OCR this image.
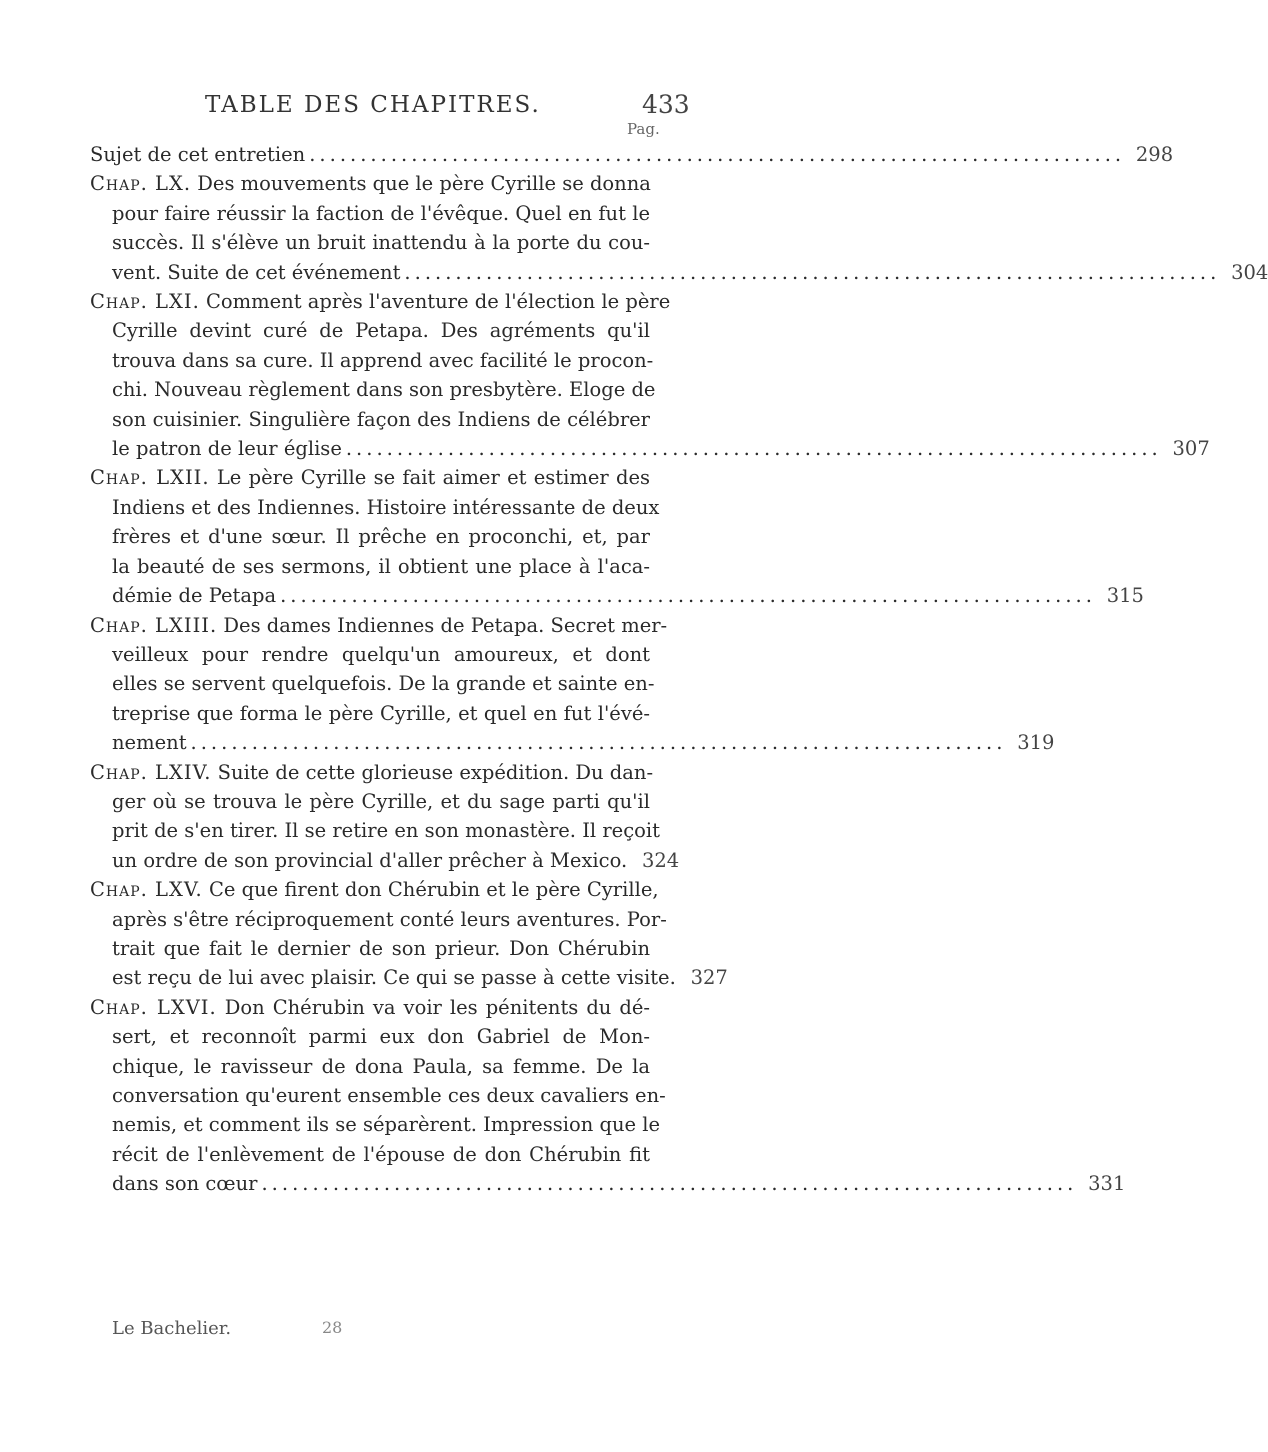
TABLE DES CHAPITRES.	433
Pag.
Sujet de cet entretien ................................................................................ 298
Chap. LX. Des mouvements que le père Cyrille se donna
pour faire réussir la faction de l'évêque. Quel en fut le
succès. Il s'élève un bruit inattendu à la porte du cou-
vent. Suite de cet événement ................................................................................ 304
Chap. LXI. Comment après l'aventure de l'élection le père
Cyrille devint curé de Petapa. Des agréments qu'il
trouva dans sa cure. Il apprend avec facilité le procon-
chi. Nouveau règlement dans son presbytère. Eloge de
son cuisinier. Singulière façon des Indiens de célébrer
le patron de leur église ................................................................................ 307
Chap. LXII. Le père Cyrille se fait aimer et estimer des
Indiens et des Indiennes. Histoire intéressante de deux
frères et d'une sœur. Il prêche en proconchi, et, par
la beauté de ses sermons, il obtient une place à l'aca-
démie de Petapa ................................................................................ 315
Chap. LXIII. Des dames Indiennes de Petapa. Secret mer-
veilleux pour rendre quelqu'un amoureux, et dont
elles se servent quelquefois. De la grande et sainte en-
treprise que forma le père Cyrille, et quel en fut l'évé-
nement ................................................................................ 319
Chap. LXIV. Suite de cette glorieuse expédition. Du dan-
ger où se trouva le père Cyrille, et du sage parti qu'il
prit de s'en tirer. Il se retire en son monastère. Il reçoit
un ordre de son provincial d'aller prêcher à Mexico. 324
Chap. LXV. Ce que firent don Chérubin et le père Cyrille,
après s'être réciproquement conté leurs aventures. Por-
trait que fait le dernier de son prieur. Don Chérubin
est reçu de lui avec plaisir. Ce qui se passe à cette visite. 327
Chap. LXVI. Don Chérubin va voir les pénitents du dé-
sert, et reconnoît parmi eux don Gabriel de Mon-
chique, le ravisseur de dona Paula, sa femme. De la
conversation qu'eurent ensemble ces deux cavaliers en-
nemis, et comment ils se séparèrent. Impression que le
récit de l'enlèvement de l'épouse de don Chérubin fit
dans son cœur ................................................................................ 331
Le Bachelier.	28
